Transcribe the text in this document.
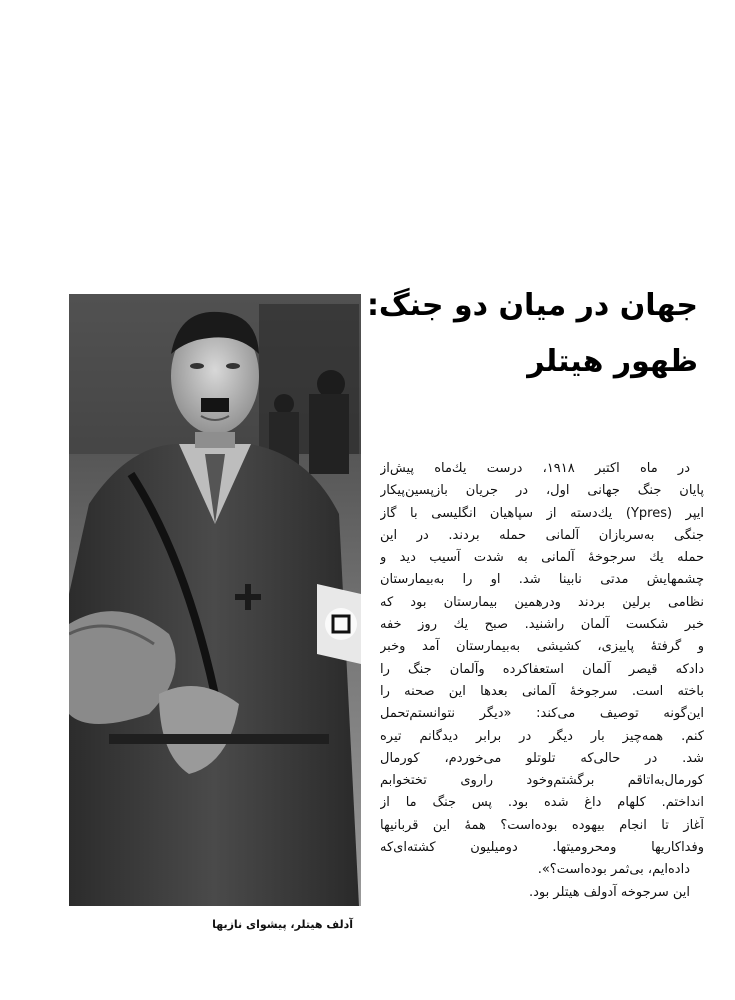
آدلف هیتلر، پیشوای نازیها
جهان در میان دو جنگ:
ظهور هیتلر
در ماه اکتبر ۱۹۱۸، درست یك‌ماه پیش‌از
پایان جنگ جهانی اول، در جریان بازپسین‌پیکار
ایپر (Ypres) یك‌دسته از سپاهیان انگلیسی با گاز
جنگی به‌سربازان آلمانی حمله بردند. در این
حمله یك سرجوخهٔ آلمانی به شدت آسیب دید و
چشمهایش مدتی نابینا شد. او را به‌بیمارستان
نظامی برلین بردند ودرهمین بیمارستان بود که
خبر شکست آلمان راشنید. صبح یك روز خفه
و گرفتهٔ پاییزی، کشیشی به‌بیمارستان آمد وخبر
داد‌که قیصر آلمان استعفاکرده وآلمان جنگ را
باخته است. سرجوخهٔ آلمانی بعدها این صحنه را
این‌گونه توصیف می‌کند: «دیگر نتوانستم‌تحمل
کنم. همه‌چیز بار دیگر در برابر دیدگانم تیره
شد. در حالی‌که تلوتلو می‌خوردم، کورمال
کورمال‌به‌اتاقم برگشتم‌وخود راروی تختخوابم
انداختم. کلهام داغ شده بود. پس جنگ ما از
آغاز تا انجام بیهوده بوده‌است؟ همهٔ این قربانیها
وفداکاریها ومحرومیتها. دومیلیون کشته‌ای‌که
داده‌ایم، بی‌ثمر بوده‌است؟».
این سرجوخه آدولف هیتلر بود.
